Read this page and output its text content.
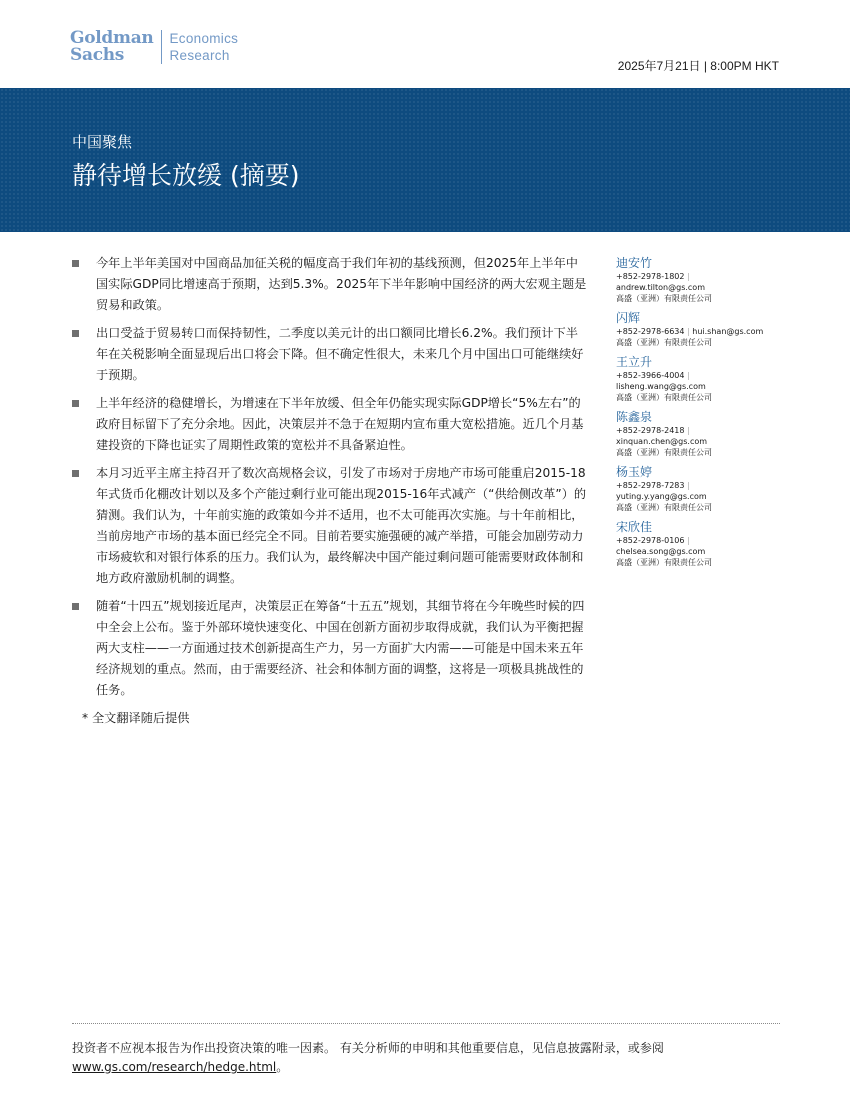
Goldman
Sachs
Economics
Research
2025年7月21日 | 8:00PM HKT
中国聚焦
静待增长放缓 (摘要)
今年上半年美国对中国商品加征关税的幅度高于我们年初的基线预测，但2025年上半年中国实际GDP同比增速高于预期，达到5.3%。2025年下半年影响中国经济的两大宏观主题是贸易和政策。
出口受益于贸易转口而保持韧性，二季度以美元计的出口额同比增长6.2%。我们预计下半年在关税影响全面显现后出口将会下降。但不确定性很大，未来几个月中国出口可能继续好于预期。
上半年经济的稳健增长，为增速在下半年放缓、但全年仍能实现实际GDP增长“5%左右”的政府目标留下了充分余地。因此，决策层并不急于在短期内宣布重大宽松措施。近几个月基建投资的下降也证实了周期性政策的宽松并不具备紧迫性。
本月习近平主席主持召开了数次高规格会议，引发了市场对于房地产市场可能重启2015-18年式货币化棚改计划以及多个产能过剩行业可能出现2015-16年式减产（“供给侧改革”）的猜测。我们认为，十年前实施的政策如今并不适用，也不太可能再次实施。与十年前相比，当前房地产市场的基本面已经完全不同。目前若要实施强硬的减产举措，可能会加剧劳动力市场疲软和对银行体系的压力。我们认为，最终解决中国产能过剩问题可能需要财政体制和地方政府激励机制的调整。
随着“十四五”规划接近尾声，决策层正在筹备“十五五”规划，其细节将在今年晚些时候的四中全会上公布。鉴于外部环境快速变化、中国在创新方面初步取得成就，我们认为平衡把握两大支柱——一方面通过技术创新提高生产力，另一方面扩大内需——可能是中国未来五年经济规划的重点。然而，由于需要经济、社会和体制方面的调整，这将是一项极具挑战性的任务。
* 全文翻译随后提供
迪安竹
+852-2978-1802 |
andrew.tilton@gs.com
高盛（亚洲）有限责任公司
闪辉
+852-2978-6634 | hui.shan@gs.com
高盛（亚洲）有限责任公司
王立升
+852-3966-4004 |
lisheng.wang@gs.com
高盛（亚洲）有限责任公司
陈鑫泉
+852-2978-2418 |
xinquan.chen@gs.com
高盛（亚洲）有限责任公司
杨玉婷
+852-2978-7283 |
yuting.y.yang@gs.com
高盛（亚洲）有限责任公司
宋欣佳
+852-2978-0106 |
chelsea.song@gs.com
高盛（亚洲）有限责任公司
投资者不应视本报告为作出投资决策的唯一因素。 有关分析师的申明和其他重要信息，见信息披露附录，或参阅
www.gs.com/research/hedge.html。
